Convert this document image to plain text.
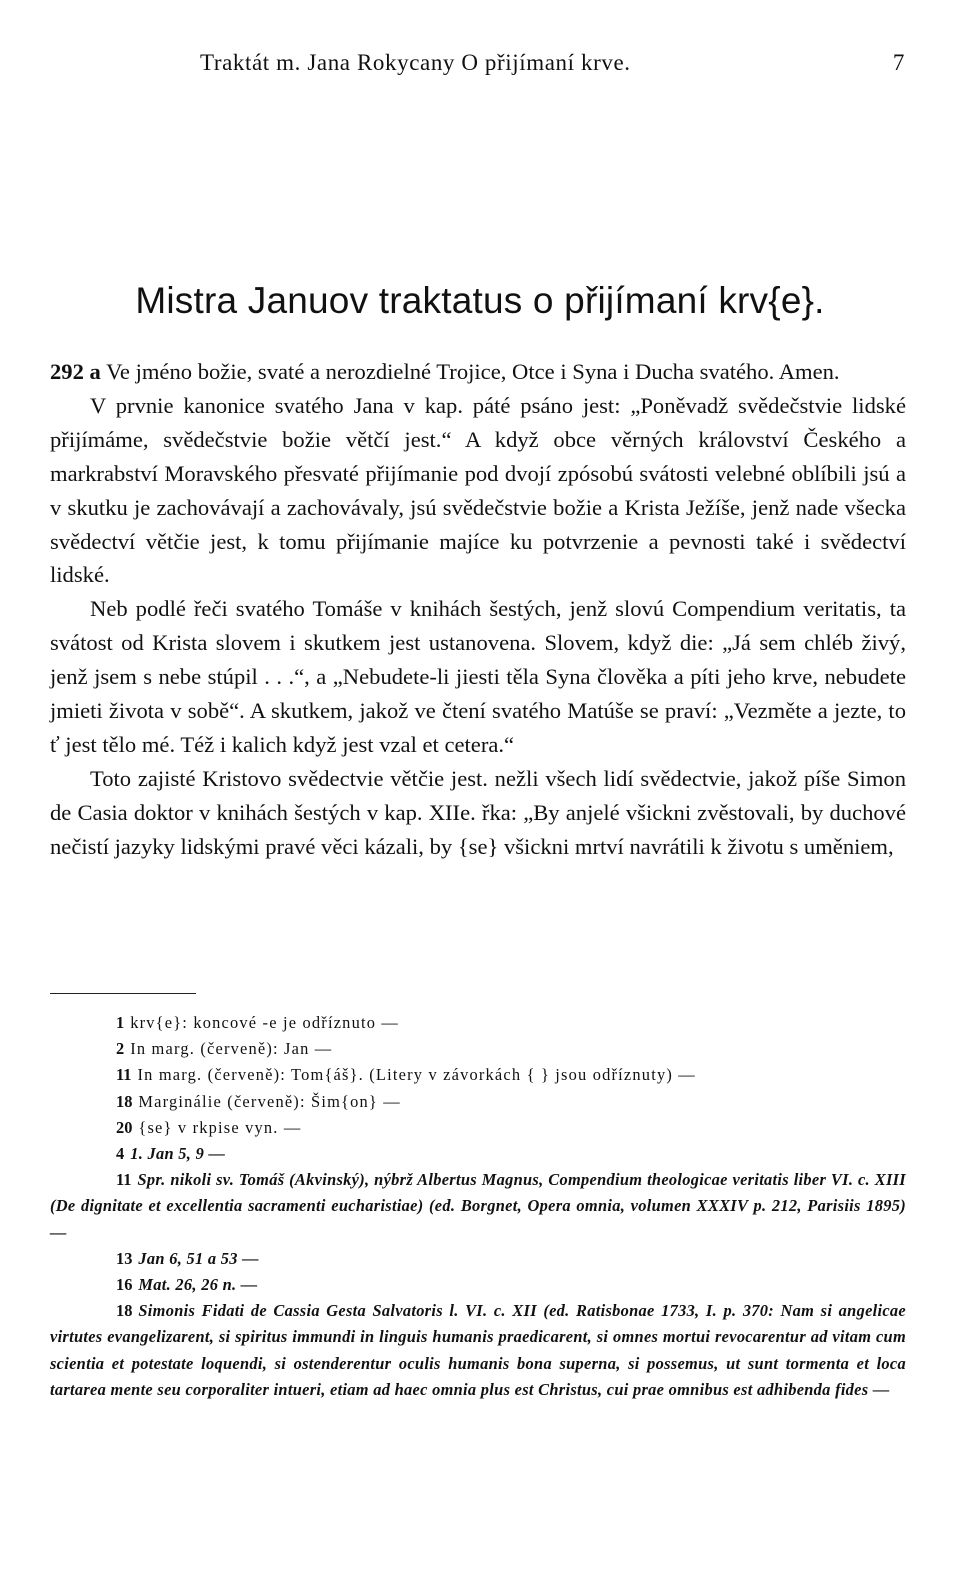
Traktát m. Jana Rokycany O přijímaní krve.	7
Mistra Januov traktatus o přijímaní krv{e}.

292 a Ve jméno božie, svaté a nerozdielné Trojice, Otce i Syna i Ducha svatého. Amen.

V prvnie kanonice svatého Jana v kap. páté psáno jest: „Poněvadž svědečstvie lidské přijímáme, svědečstvie božie větčí jest.“ A když obce věrných království Českého a markrabství Moravského přesvaté přijímanie pod dvojí zpósobú svátosti velebné oblíbili jsú a v skutku je zachovávají a zachovávaly, jsú svědečstvie božie a Krista Ježíše, jenž nade všecka svědectví větčie jest, k tomu přijímanie majíce ku potvrzenie a pevnosti také i svědectví lidské.

Neb podlé řeči svatého Tomáše v knihách šestých, jenž slovú Compendium veritatis, ta svátost od Krista slovem i skutkem jest ustanovena. Slovem, když die: „Já sem chléb živý, jenž jsem s nebe stúpil . . .“, a „Nebudete-li jiesti těla Syna člověka a píti jeho krve, nebudete jmieti života v sobě“. A skutkem, jakož ve čtení svatého Matúše se praví: „Vezměte a jezte, to ť jest tělo mé. Též i kalich když jest vzal et cetera.“

Toto zajisté Kristovo svědectvie větčie jest. nežli všech lidí svědectvie, jakož píše Simon de Casia doktor v knihách šestých v kap. XIIe. řka: „By anjelé všickni zvěstovali, by duchové nečistí jazyky lidskými pravé věci kázali, by {se} všickni mrtví navrátili k životu s uměniem,

1 krv{e}: koncové -e je odříznuto —

2 In marg. (červeně): Jan —

11 In marg. (červeně): Tom{áš}. (Litery v závorkách { } jsou odříznuty) —

18 Marginálie (červeně): Šim{on} —

20 {se} v rkpise vyn. —

4 1. Jan 5, 9 —

11 Spr. nikoli sv. Tomáš (Akvinský), nýbrž Albertus Magnus, Compendium theologicae veritatis liber VI. c. XIII (De dignitate et excellentia sacramenti eucharistiae) (ed. Borgnet, Opera omnia, volumen XXXIV p. 212, Parisiis 1895) —

13 Jan 6, 51 a 53 —

16 Mat. 26, 26 n. —

18 Simonis Fidati de Cassia Gesta Salvatoris l. VI. c. XII (ed. Ratisbonae 1733, I. p. 370: Nam si angelicae virtutes evangelizarent, si spiritus immundi in linguis humanis praedicarent, si omnes mortui revocarentur ad vitam cum scientia et potestate loquendi, si ostenderentur oculis humanis bona superna, si possemus, ut sunt tormenta et loca tartarea mente seu corporaliter intueri, etiam ad haec omnia plus est Christus, cui prae omnibus est adhibenda fides —
